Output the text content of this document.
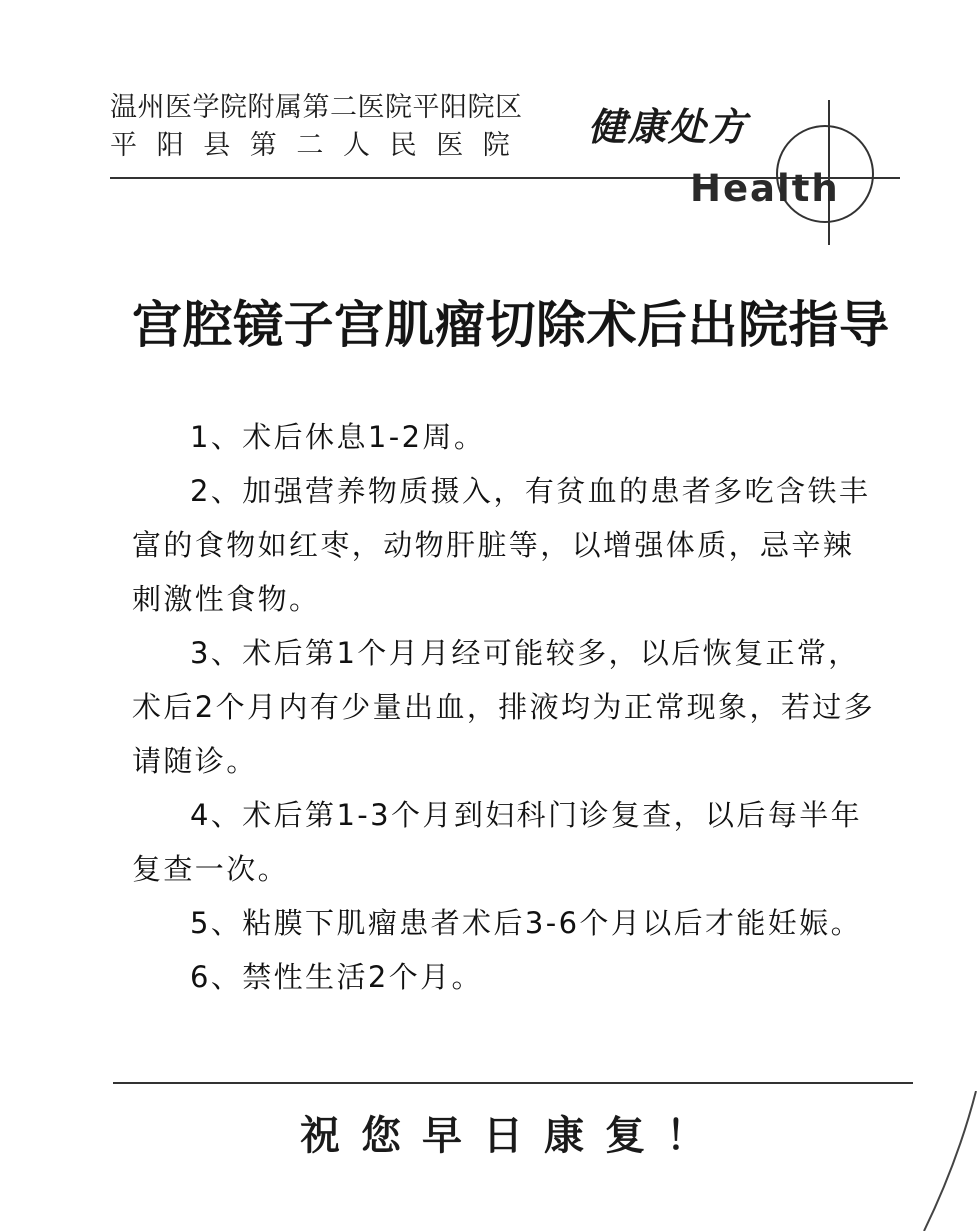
温州医学院附属第二医院平阳院区
平阳县第二人民医院 健康处方
Health
宫腔镜子宫肌瘤切除术后出院指导

1、术后休息1-2周。

2、加强营养物质摄入，有贫血的患者多吃含铁丰富的食物如红枣，动物肝脏等，以增强体质，忌辛辣刺激性食物。

3、术后第1个月月经可能较多，以后恢复正常，术后2个月内有少量出血，排液均为正常现象，若过多请随诊。

4、术后第1-3个月到妇科门诊复查，以后每半年复查一次。

5、粘膜下肌瘤患者术后3-6个月以后才能妊娠。

6、禁性生活2个月。

祝您早日康复！
